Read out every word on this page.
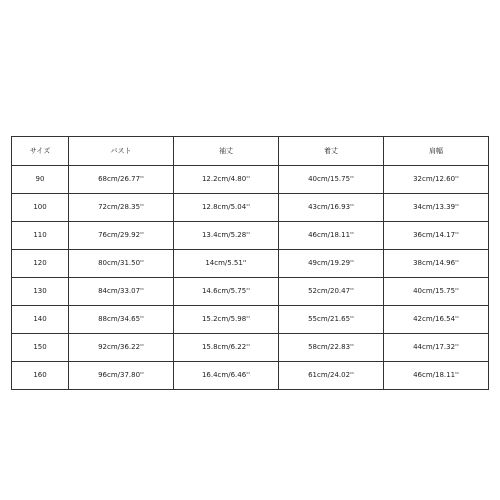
サイズ	バスト	袖丈	着丈	肩幅
90	68cm/26.77''	12.2cm/4.80''	40cm/15.75''	32cm/12.60''
100	72cm/28.35''	12.8cm/5.04''	43cm/16.93''	34cm/13.39''
110	76cm/29.92''	13.4cm/5.28''	46cm/18.11''	36cm/14.17''
120	80cm/31.50''	14cm/5.51''	49cm/19.29''	38cm/14.96''
130	84cm/33.07''	14.6cm/5.75''	52cm/20.47''	40cm/15.75''
140	88cm/34.65''	15.2cm/5.98''	55cm/21.65''	42cm/16.54''
150	92cm/36.22''	15.8cm/6.22''	58cm/22.83''	44cm/17.32''
160	96cm/37.80''	16.4cm/6.46''	61cm/24.02''	46cm/18.11''
